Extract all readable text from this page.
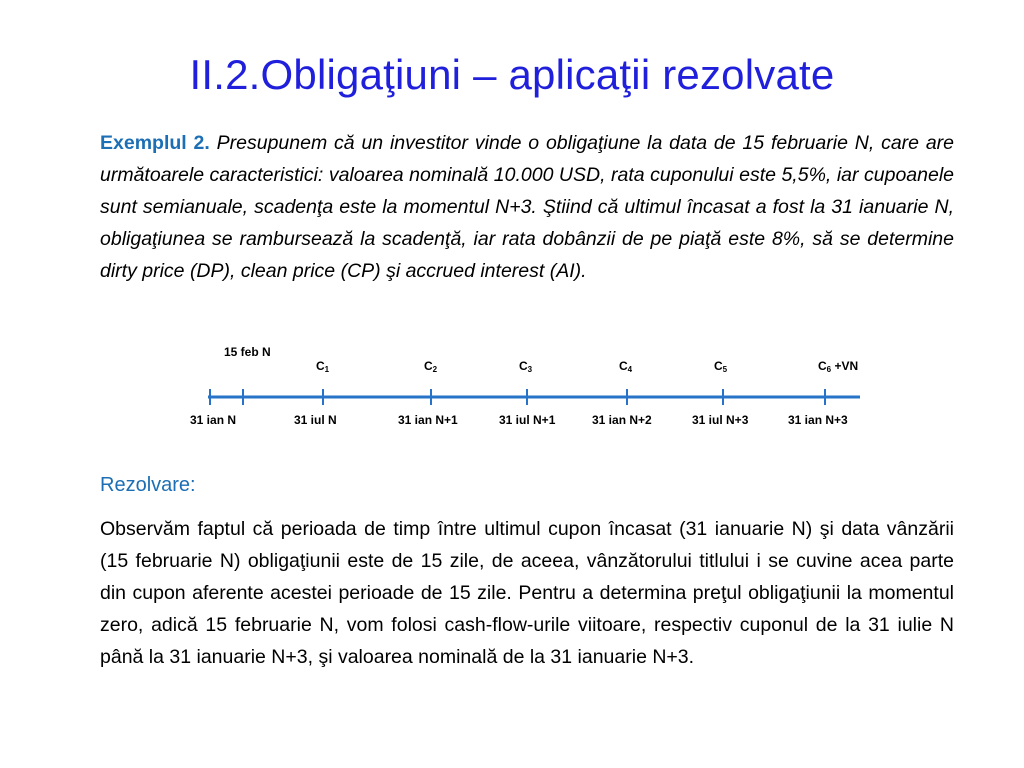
II.2.Obligaţiuni – aplicaţii rezolvate
Exemplul 2. Presupunem că un investitor vinde o obligaţiune la data de 15 februarie N, care are următoarele caracteristici: valoarea nominală 10.000 USD, rata cuponului este 5,5%, iar cupoanele sunt semianuale, scadenţa este la momentul N+3. Ştiind că ultimul încasat a fost la 31 ianuarie N, obligaţiunea se rambursează la scadenţă, iar rata dobânzii de pe piaţă este 8%, să se determine dirty price (DP), clean price (CP) şi accrued interest (AI).
15 feb N
$C_1$	$C_2$	$C_3$	$C_4$	$C_5$	$C_6 +VN$
31 ian N	31 iul N	31 ian N+1	31 iul N+1	31 ian N+2	31 iul N+3	31 ian N+3
Rezolvare:
Observăm faptul că perioada de timp între ultimul cupon încasat (31 ianuarie N) şi data vânzării (15 februarie N) obligaţiunii este de 15 zile, de aceea, vânzătorului titlului i se cuvine acea parte din cupon aferente acestei perioade de 15 zile. Pentru a determina preţul obligaţiunii la momentul zero, adică 15 februarie N, vom folosi cash-flow-urile viitoare, respectiv cuponul de la 31 iulie N până la 31 ianuarie N+3, şi valoarea nominală de la 31 ianuarie N+3.
